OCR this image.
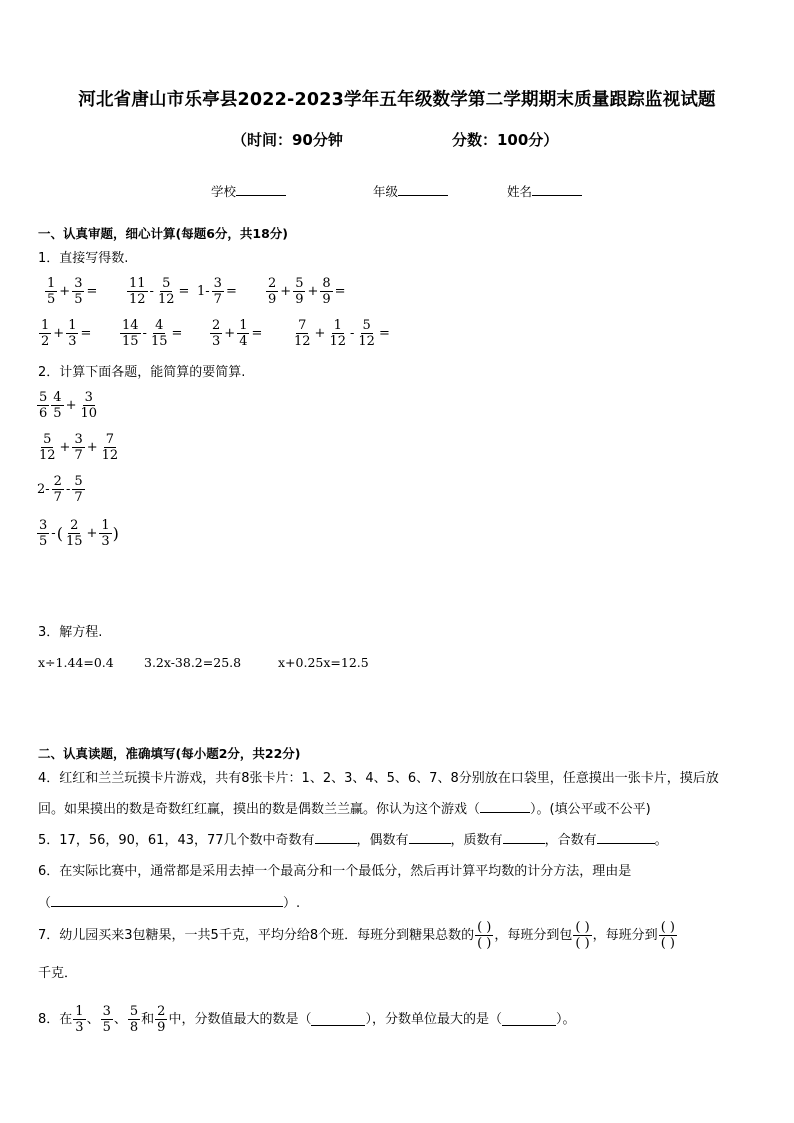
河北省唐山市乐亭县2022-2023学年五年级数学第二学期期末质量跟踪监视试题
（时间：90分钟	分数：100分）
学校	年级	姓名
一、认真审题，细心计算(每题6分，共18分)
1．直接写得数.
$\frac{1}{5} + \frac{3}{5} = \frac{11}{12} - \frac{5}{12} = 1- \frac{3}{7} = \frac{2}{9} + \frac{5}{9} + \frac{8}{9}$ =
$\frac{1}{2} + \frac{1}{3} = \frac{14}{15} - \frac{4}{15} = \frac{2}{3} + \frac{1}{4} = \frac{7}{12} + \frac{1}{12} - \frac{5}{12}$ =
2．计算下面各题，能简算的要简算.
$\frac{5}{6} \frac{4}{5} + \frac{3}{10}$
$\frac{5}{12} + \frac{3}{7} + \frac{7}{12}$
$2- \frac{2}{7} - \frac{5}{7}$
$\frac{3}{5}$ - ( $\frac{2}{15} + \frac{1}{3}$ )
3．解方程.
x÷1.44=0.4 3.2x-38.2=25.8	x+0.25x=12.5
二、认真读题，准确填写(每小题2分，共22分)
4．红红和兰兰玩摸卡片游戏，共有8张卡片：1、2、3、4、5、6、7、8分别放在口袋里，任意摸出一张卡片，摸后放
回。如果摸出的数是奇数红红赢，摸出的数是偶数兰兰赢。你认为这个游戏（	）。(填公平或不公平)
5．17，56，90，61，43，77几个数中奇数有	，偶数有	，质数有	，合数有	。
6．在实际比赛中，通常都是采用去掉一个最高分和一个最低分，然后再计算平均数的计分方法，理由是
（	）.
7．幼儿园买来3包糖果，一共5千克，平均分给8个班．每班分到糖果总数的 $\frac{( )}{( )}$ ，每班分到包 $\frac{( )}{( )}$ ，每班分到 $\frac{( )}{( )}$
千克．
8．在 $\frac{1}{3}$ 、 $\frac{3}{5}$ 、 $\frac{5}{8}$ 和 $\frac{2}{9}$ 中，分数值最大的数是（	），分数单位最大的是（	）。
